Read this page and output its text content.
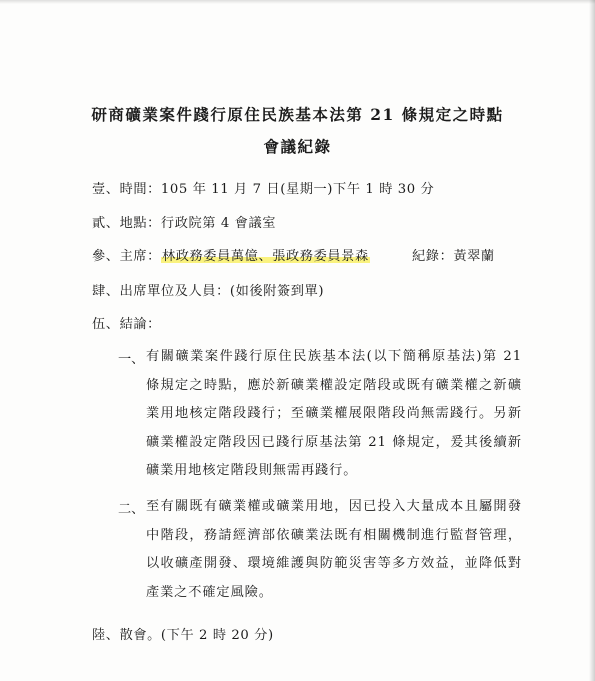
研商礦業案件踐行原住民族基本法第 21 條規定之時點
會議紀錄
壹、時間：105 年 11 月 7 日(星期一)下午 1 時 30 分
貳、地點：行政院第 4 會議室
參、主席：林政務委員萬億、張政務委員景森	紀錄：黃翠蘭
肆、出席單位及人員：(如後附簽到單)
伍、結論：
一、 有關礦業案件踐行原住民族基本法(以下簡稱原基法)第 21 條規定之時點，應於新礦業權設定階段或既有礦業權之新礦業用地核定階段踐行；至礦業權展限階段尚無需踐行。另新礦業權設定階段因已踐行原基法第 21 條規定，爰其後續新礦業用地核定階段則無需再踐行。
二、 至有關既有礦業權或礦業用地，因已投入大量成本且屬開發中階段，務請經濟部依礦業法既有相關機制進行監督管理，以收礦產開發、環境維護與防範災害等多方效益，並降低對產業之不確定風險。
陸、散會。(下午 2 時 20 分)
